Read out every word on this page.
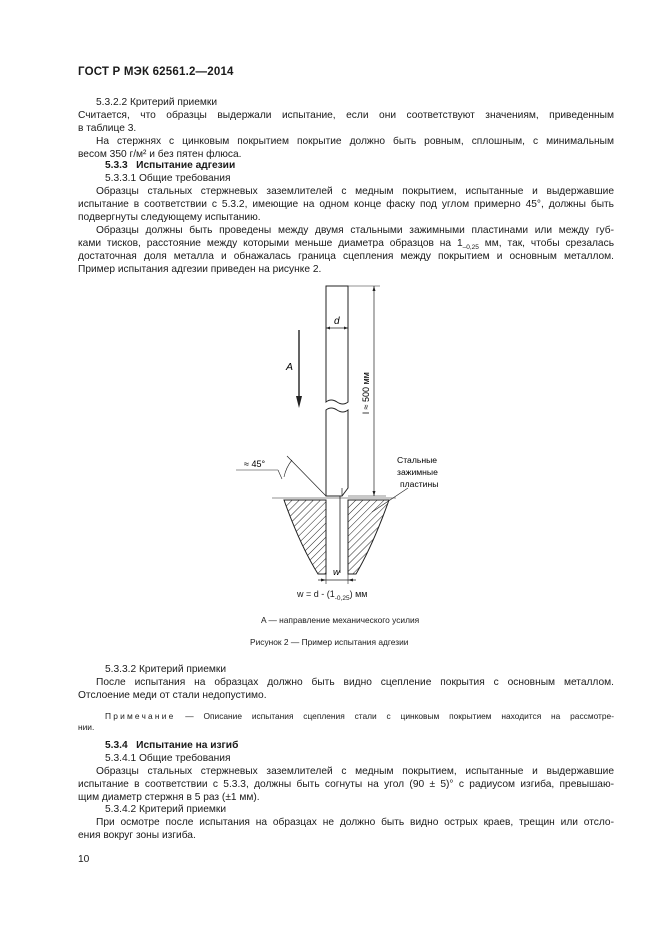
ГОСТ Р МЭК 62561.2—2014
5.3.2.2 Критерий приемки
Считается, что образцы выдержали испытание, если они соответствуют значениям, приведенным
в таблице 3.
На стержнях с цинковым покрытием покрытие должно быть ровным, сплошным, с минимальным
весом 350 г/м² и без пятен флюса.
5.3.3 Испытание адгезии
5.3.3.1 Общие требования
Образцы стальных стержневых заземлителей с медным покрытием, испытанные и выдержавшие
испытание в соответствии с 5.3.2, имеющие на одном конце фаску под углом примерно 45°, должны быть
подвергнуты следующему испытанию.
Образцы должны быть проведены между двумя стальными зажимными пластинами или между губ-
ками тисков, расстояние между которыми меньше диаметра образцов на $1_{-0,25}$ мм, так, чтобы срезалась
достаточная доля металла и обнажалась граница сцепления между покрытием и основным металлом.
Пример испытания адгезии приведен на рисунке 2.
d
l ≈ 500 мм
A
≈ 45°	Стальные
зажимные
пластины
w
$w = d - (1_{-0,25})$ мм
A — направление механического усилия
Рисунок 2 — Пример испытания адгезии
5.3.3.2 Критерий приемки
После испытания на образцах должно быть видно сцепление покрытия с основным металлом.
Отслоение меди от стали недопустимо.
Примечание — Описание испытания сцепления стали с цинковым покрытием находится на рассмотре-
нии.
5.3.4 Испытание на изгиб
5.3.4.1 Общие требования
Образцы стальных стержневых заземлителей с медным покрытием, испытанные и выдержавшие
испытание в соответствии с 5.3.3, должны быть согнуты на угол (90 ± 5)° с радиусом изгиба, превышаю-
щим диаметр стержня в 5 раз (±1 мм).
5.3.4.2 Критерий приемки
При осмотре после испытания на образцах не должно быть видно острых краев, трещин или отсло-
ения вокруг зоны изгиба.
10
